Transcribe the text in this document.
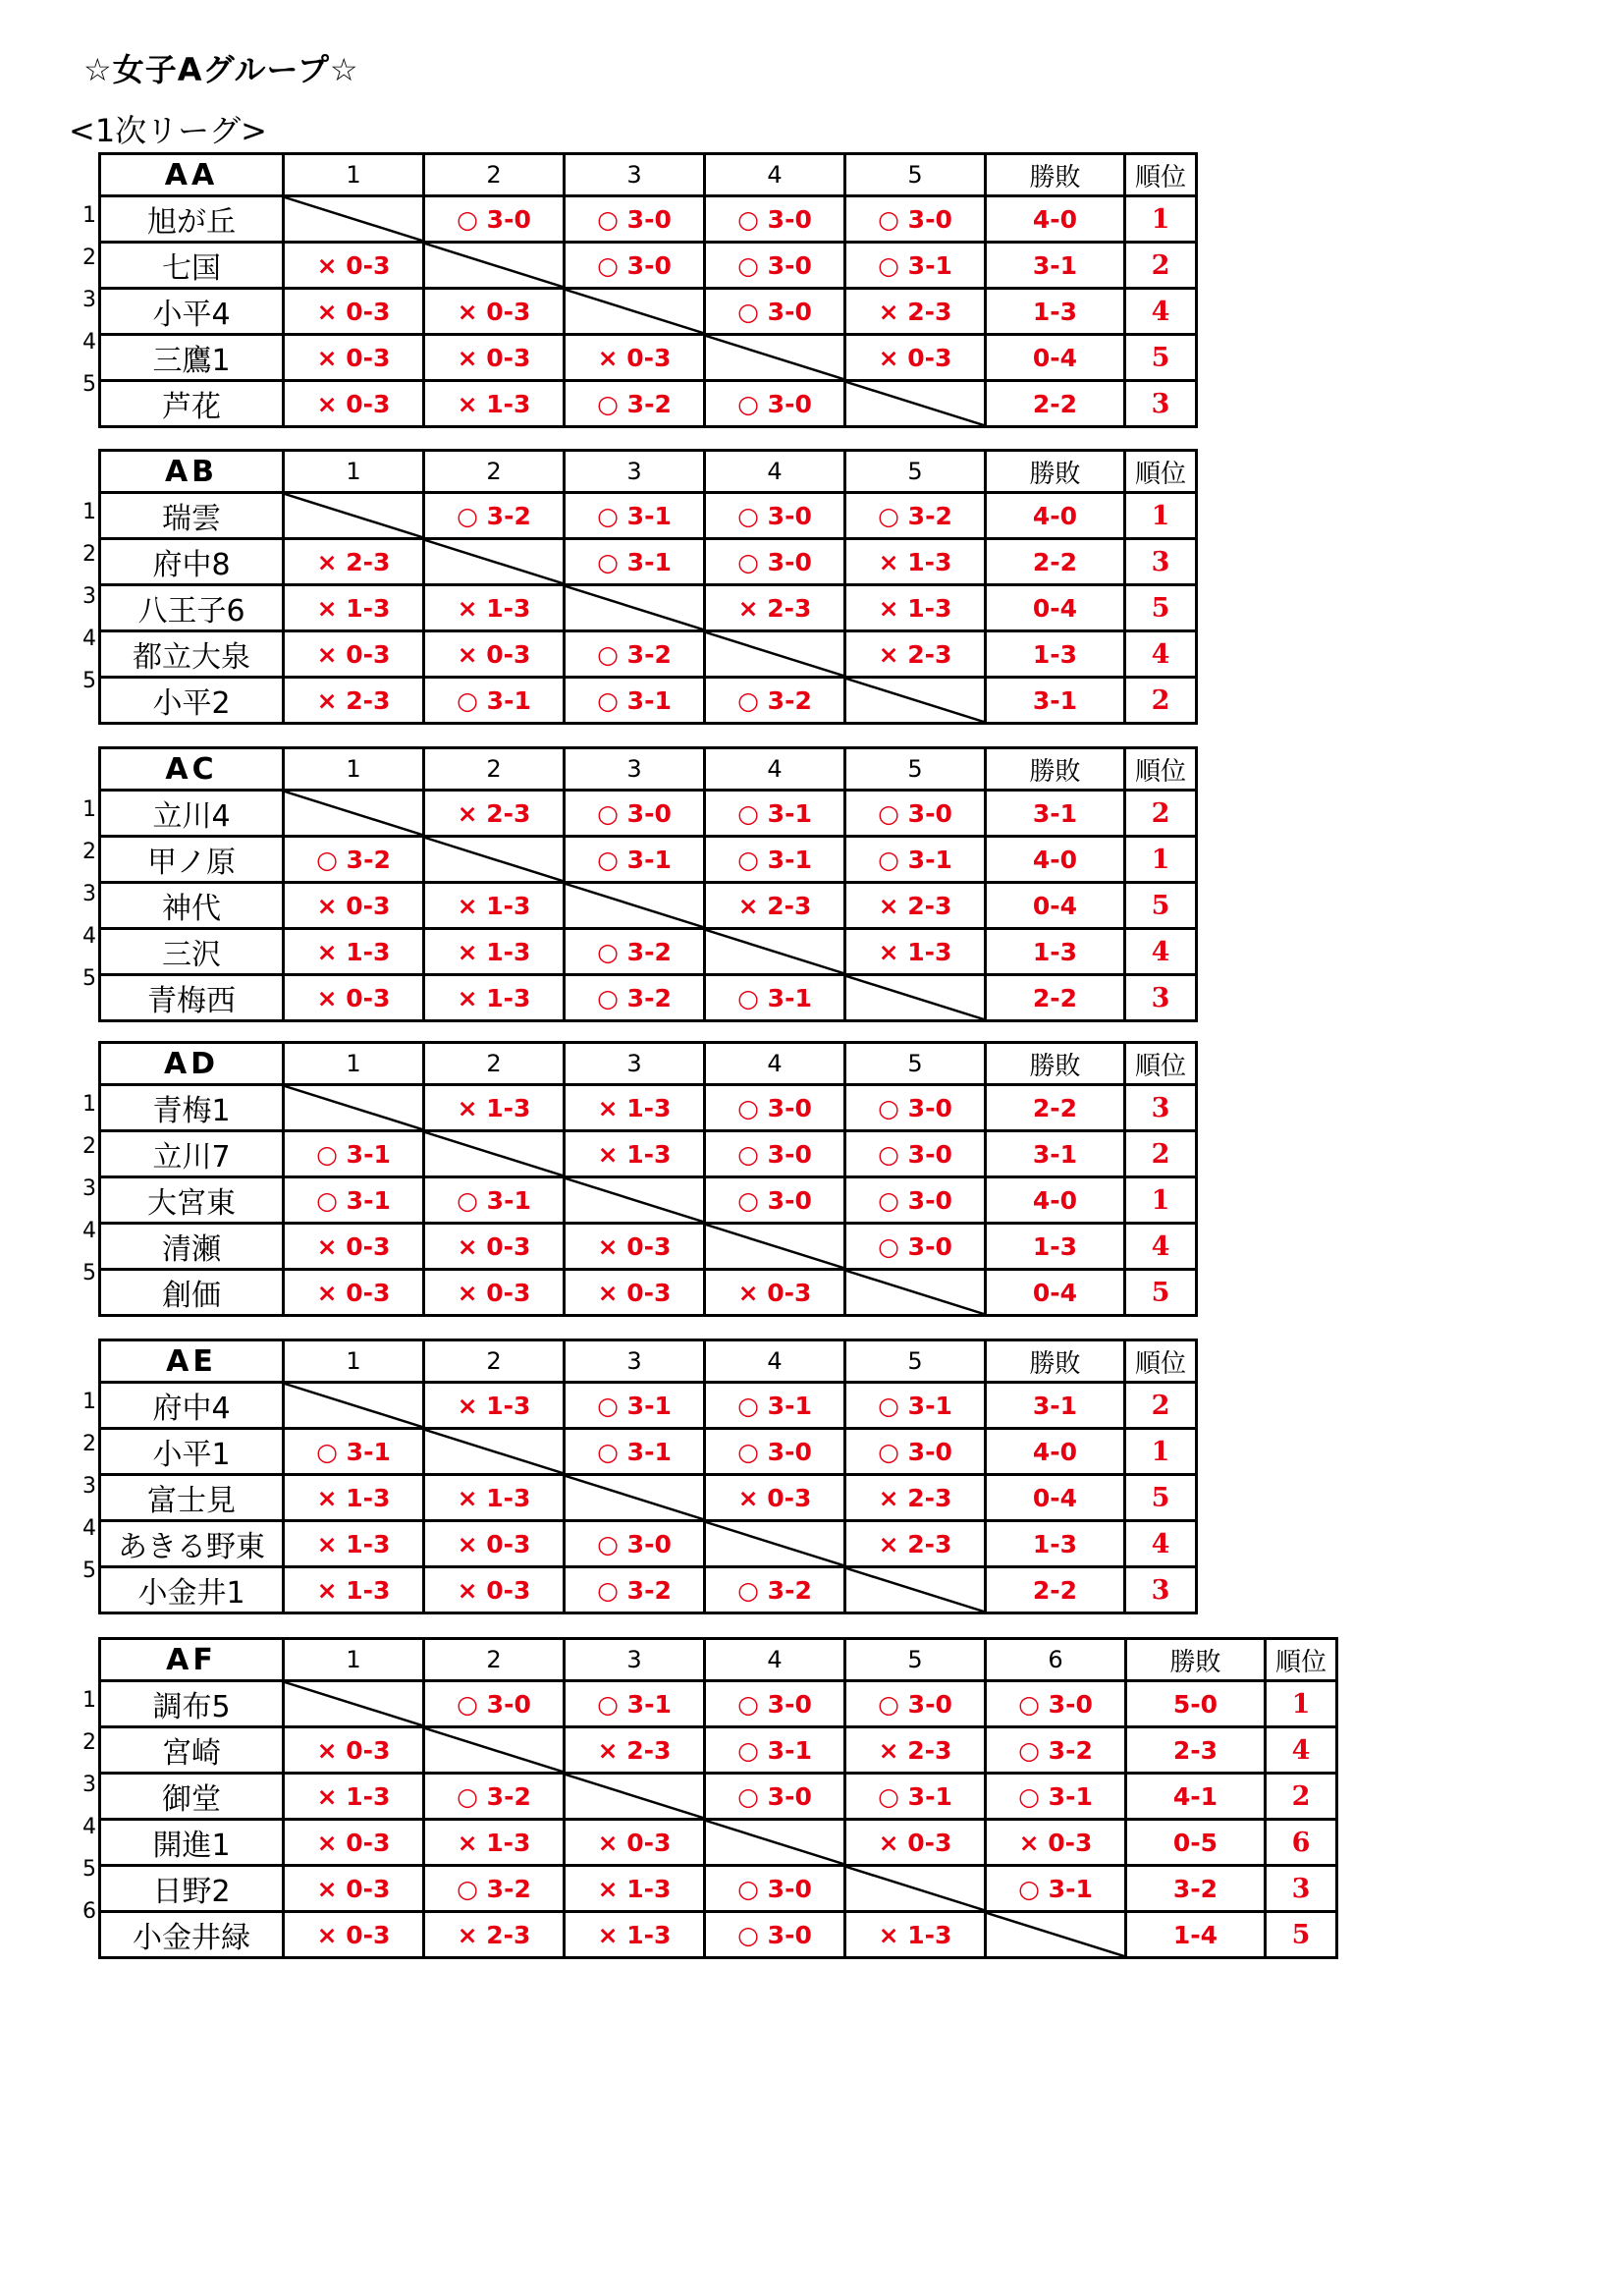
☆女子Aグループ☆
<1次リーグ>
1
2
3
4
5
AA	1	2	3	4	5	勝敗	順位
旭が丘		○ 3-0	○ 3-0	○ 3-0	○ 3-0	4-0	1
七国	× 0-3		○ 3-0	○ 3-0	○ 3-1	3-1	2
小平4	× 0-3	× 0-3		○ 3-0	× 2-3	1-3	4
三鷹1	× 0-3	× 0-3	× 0-3		× 0-3	0-4	5
芦花	× 0-3	× 1-3	○ 3-2	○ 3-0		2-2	3
1
2
3
4
5
AB	1	2	3	4	5	勝敗	順位
瑞雲		○ 3-2	○ 3-1	○ 3-0	○ 3-2	4-0	1
府中8	× 2-3		○ 3-1	○ 3-0	× 1-3	2-2	3
八王子6	× 1-3	× 1-3		× 2-3	× 1-3	0-4	5
都立大泉	× 0-3	× 0-3	○ 3-2		× 2-3	1-3	4
小平2	× 2-3	○ 3-1	○ 3-1	○ 3-2		3-1	2
1
2
3
4
5
AC	1	2	3	4	5	勝敗	順位
立川4		× 2-3	○ 3-0	○ 3-1	○ 3-0	3-1	2
甲ノ原	○ 3-2		○ 3-1	○ 3-1	○ 3-1	4-0	1
神代	× 0-3	× 1-3		× 2-3	× 2-3	0-4	5
三沢	× 1-3	× 1-3	○ 3-2		× 1-3	1-3	4
青梅西	× 0-3	× 1-3	○ 3-2	○ 3-1		2-2	3
1
2
3
4
5
AD	1	2	3	4	5	勝敗	順位
青梅1		× 1-3	× 1-3	○ 3-0	○ 3-0	2-2	3
立川7	○ 3-1		× 1-3	○ 3-0	○ 3-0	3-1	2
大宮東	○ 3-1	○ 3-1		○ 3-0	○ 3-0	4-0	1
清瀬	× 0-3	× 0-3	× 0-3		○ 3-0	1-3	4
創価	× 0-3	× 0-3	× 0-3	× 0-3		0-4	5
1
2
3
4
5
AE	1	2	3	4	5	勝敗	順位
府中4		× 1-3	○ 3-1	○ 3-1	○ 3-1	3-1	2
小平1	○ 3-1		○ 3-1	○ 3-0	○ 3-0	4-0	1
富士見	× 1-3	× 1-3		× 0-3	× 2-3	0-4	5
あきる野東	× 1-3	× 0-3	○ 3-0		× 2-3	1-3	4
小金井1	× 1-3	× 0-3	○ 3-2	○ 3-2		2-2	3
1
2
3
4
5
6
AF	1	2	3	4	5	6	勝敗	順位
調布5		○ 3-0	○ 3-1	○ 3-0	○ 3-0	○ 3-0	5-0	1
宮崎	× 0-3		× 2-3	○ 3-1	× 2-3	○ 3-2	2-3	4
御堂	× 1-3	○ 3-2		○ 3-0	○ 3-1	○ 3-1	4-1	2
開進1	× 0-3	× 1-3	× 0-3		× 0-3	× 0-3	0-5	6
日野2	× 0-3	○ 3-2	× 1-3	○ 3-0		○ 3-1	3-2	3
小金井緑	× 0-3	× 2-3	× 1-3	○ 3-0	× 1-3		1-4	5
